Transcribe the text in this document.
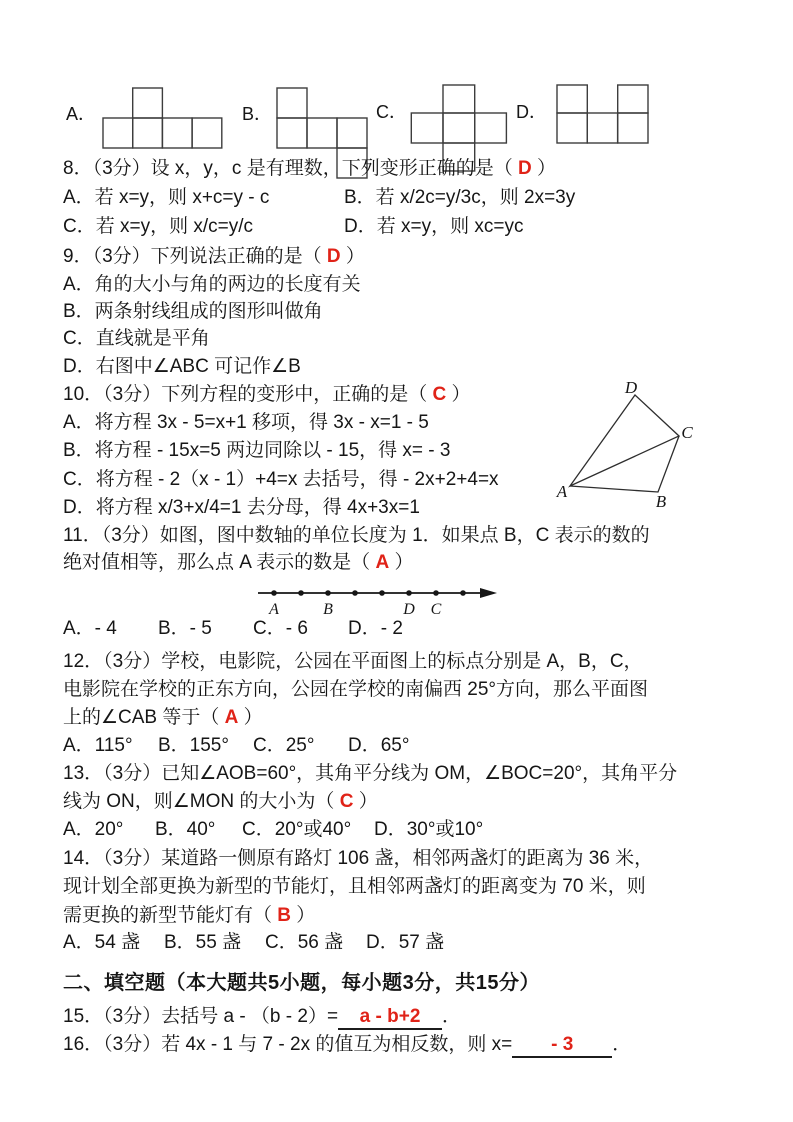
A．	B．	C．	D．
8．（3分）设 x，y，c 是有理数，下列变形正确的是（ D ）
A．若 x=y，则 x+c=y - c	B．若 x/2c=y/3c，则 2x=3y
C．若 x=y，则 x/c=y/c	D．若 x=y，则 xc=yc
9．（3分）下列说法正确的是（ D ）
A．角的大小与角的两边的长度有关
B．两条射线组成的图形叫做角
C．直线就是平角
D．右图中∠ABC 可记作∠B
10．（3分）下列方程的变形中，正确的是（ C ）
A．将方程 3x - 5=x+1 移项，得 3x - x=1 - 5
B．将方程 - 15x=5 两边同除以 - 15，得 x= - 3
C．将方程 - 2（x - 1）+4=x 去括号，得 - 2x+2+4=x
D．将方程 x/3+x/4=1 去分母，得 4x+3x=1
D
C
A
B
11．（3分）如图，图中数轴的单位长度为 1．如果点 B，C 表示的数的
绝对值相等，那么点 A 表示的数是（ A ）
A	B	D C
A．- 4 B．- 5 C．- 6 D．- 2
12．（3分）学校，电影院，公园在平面图上的标点分别是 A，B，C，
电影院在学校的正东方向，公园在学校的南偏西 25°方向，那么平面图
上的∠CAB 等于（ A ）
A．115° B．155° C．25° D．65°
13．（3分）已知∠AOB=60°，其角平分线为 OM，∠BOC=20°，其角平分
线为 ON，则∠MON 的大小为（ C ）
A．20° B．40° C．20°或40° D．30°或10°
14．（3分）某道路一侧原有路灯 106 盏，相邻两盏灯的距离为 36 米，
现计划全部更换为新型的节能灯，且相邻两盏灯的距离变为 70 米，则
需更换的新型节能灯有（ B ）
A．54 盏 B．55 盏 C．56 盏 D．57 盏
二、填空题（本大题共5小题，每小题3分，共15分）
15．（3分）去括号 a - （b - 2）= a - b+2 ．
16．（3分）若 4x - 1 与 7 - 2x 的值互为相反数，则 x= - 3 ．
